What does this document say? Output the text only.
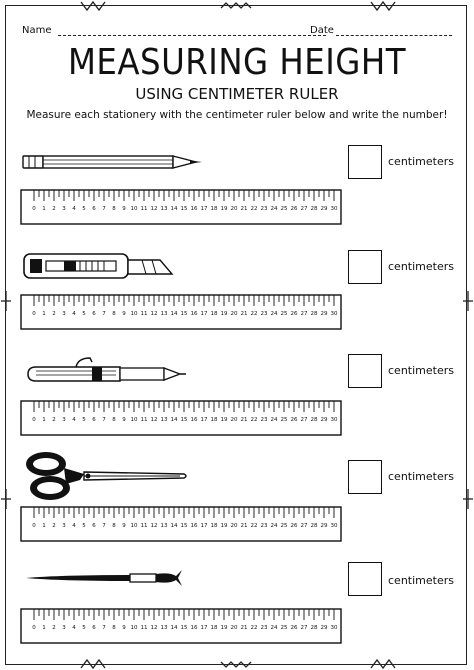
Name	Date
MEASURING HEIGHT
USING CENTIMETER RULER
Measure each stationery with the centimeter ruler below and write the number!
centimeters
0 1 2 3 4 5 6 7 8 9 10 11 12 13 14 15 16 17 18 19 20 21 22 23 24 25 26 27 28 29 30
centimeters
0 1 2 3 4 5 6 7 8 9 10 11 12 13 14 15 16 17 18 19 20 21 22 23 24 25 26 27 28 29 30
centimeters
0 1 2 3 4 5 6 7 8 9 10 11 12 13 14 15 16 17 18 19 20 21 22 23 24 25 26 27 28 29 30
centimeters
0 1 2 3 4 5 6 7 8 9 10 11 12 13 14 15 16 17 18 19 20 21 22 23 24 25 26 27 28 29 30
centimeters
0 1 2 3 4 5 6 7 8 9 10 11 12 13 14 15 16 17 18 19 20 21 22 23 24 25 26 27 28 29 30
